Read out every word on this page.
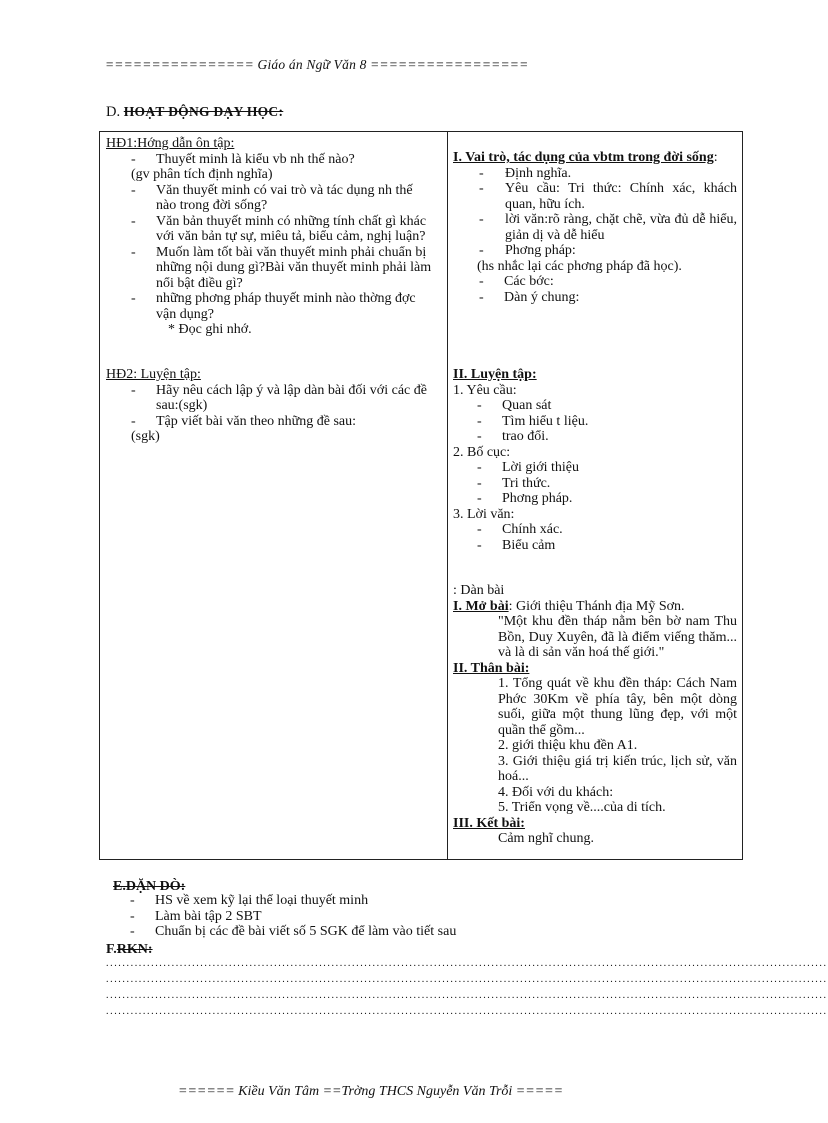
================ Giáo án Ngữ Văn 8 =================
D. HOẠT ĐỘNG DẠY HỌC:

HĐ1:Hớng dẫn ôn tập:

- Thuyết minh là kiểu vb nh thế nào?

(gv phân tích định nghĩa)

- Văn thuyết minh có vai trò và tác dụng nh thế nào trong đời sống?

- Văn bản thuyết minh có những tính chất gì khác với văn bản tự sự, miêu tả, biểu cảm, nghị luận?

- Muốn làm tốt bài văn thuyết minh phải chuẩn bị những nội dung gì?Bài văn thuyết minh phải làm nổi bật điều gì?

- những phơng pháp thuyết minh nào thờng đợc vận dụng?

* Đọc ghi nhớ.

HĐ2: Luyện tập:

- Hãy nêu cách lập ý và lập dàn bài đối với các đề sau:(sgk)

- Tập viết bài văn theo những đề sau:

(sgk)

I. Vai trò, tác dụng của vbtm trong đời sống:

- Định nghĩa.

- Yêu cầu: Tri thức: Chính xác, khách quan, hữu ích.

- lời văn:rõ ràng, chặt chẽ, vừa đủ dễ hiểu, giản dị và dễ hiểu

- Phơng pháp:

(hs nhắc lại các phơng pháp đã học).

- Các bớc:

- Dàn ý chung:

II. Luyện tập:

1. Yêu cầu:

- Quan sát

- Tìm hiểu t liệu.

- trao đổi.

2. Bố cục:

- Lời giới thiệu

- Tri thức.

- Phơng pháp.

3. Lời văn:

- Chính xác.

- Biểu cảm

: Dàn bài

I. Mở bài: Giới thiệu Thánh địa Mỹ Sơn.

"Một khu đền tháp nằm bên bờ nam Thu Bồn, Duy Xuyên, đã là điểm viếng thăm... và là di sản văn hoá thế giới."

II. Thân bài:

1. Tổng quát về khu đền tháp: Cách Nam Phớc 30Km về phía tây, bên một dòng suối, giữa một thung lũng đẹp, với một quần thể gồm...

2. giới thiệu khu đền A1.

3. Giới thiệu giá trị kiến trúc, lịch sử, văn hoá...

4. Đối với du khách:

5. Triển vọng về....của di tích.

III. Kết bài:

Cảm nghĩ chung.

E.DẶN DÒ:

- HS về xem kỹ lại thể loại thuyết minh

- Làm bài tập 2 SBT

- Chuẩn bị các đề bài viết số 5 SGK để làm vào tiết sau

F.RKN:
................................................................................................................................................................................
................................................................................................................................................................................
................................................................................................................................................................................
................................................................................................................................................................................
====== Kiều Văn Tâm ==Trờng THCS Nguyễn Văn Trỗi =====
